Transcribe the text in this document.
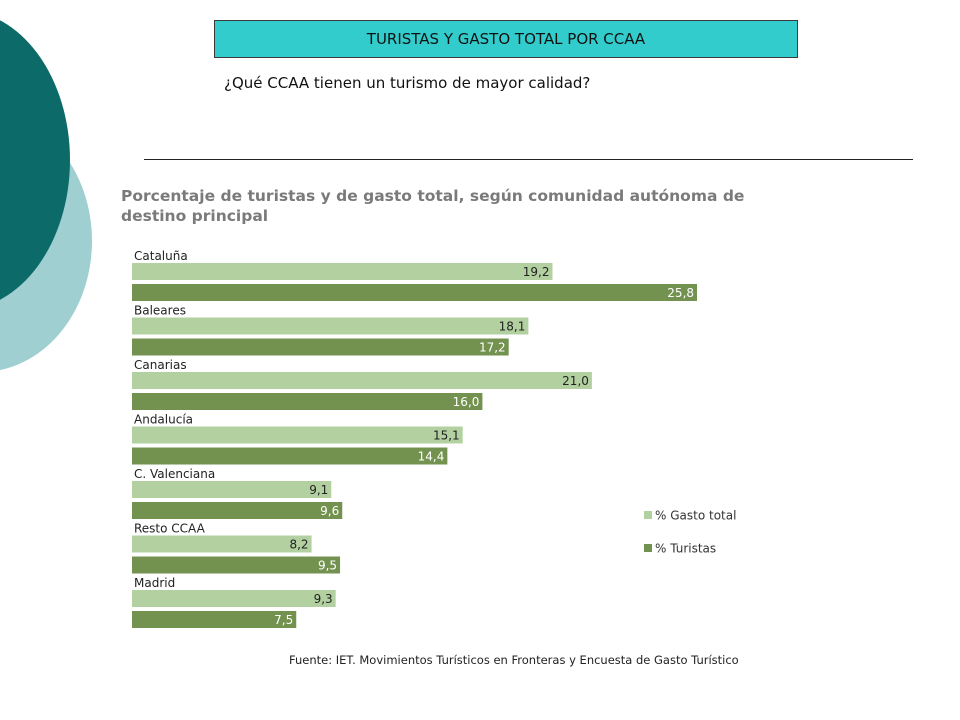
TURISTAS Y GASTO TOTAL POR CCAA
¿Qué CCAA tienen un turismo de mayor calidad?
Porcentaje de turistas y de gasto total, según comunidad autónoma de destino principal
Cataluña
19,2
25,8
Baleares
18,1
17,2
Canarias
21,0
16,0
Andalucía
15,1
14,4
C. Valenciana
9,1
9,6
Resto CCAA
8,2
9,5
Madrid
9,3
7,5
% Gasto total
% Turistas
Fuente: IET. Movimientos Turísticos en Fronteras y Encuesta de Gasto Turístico
